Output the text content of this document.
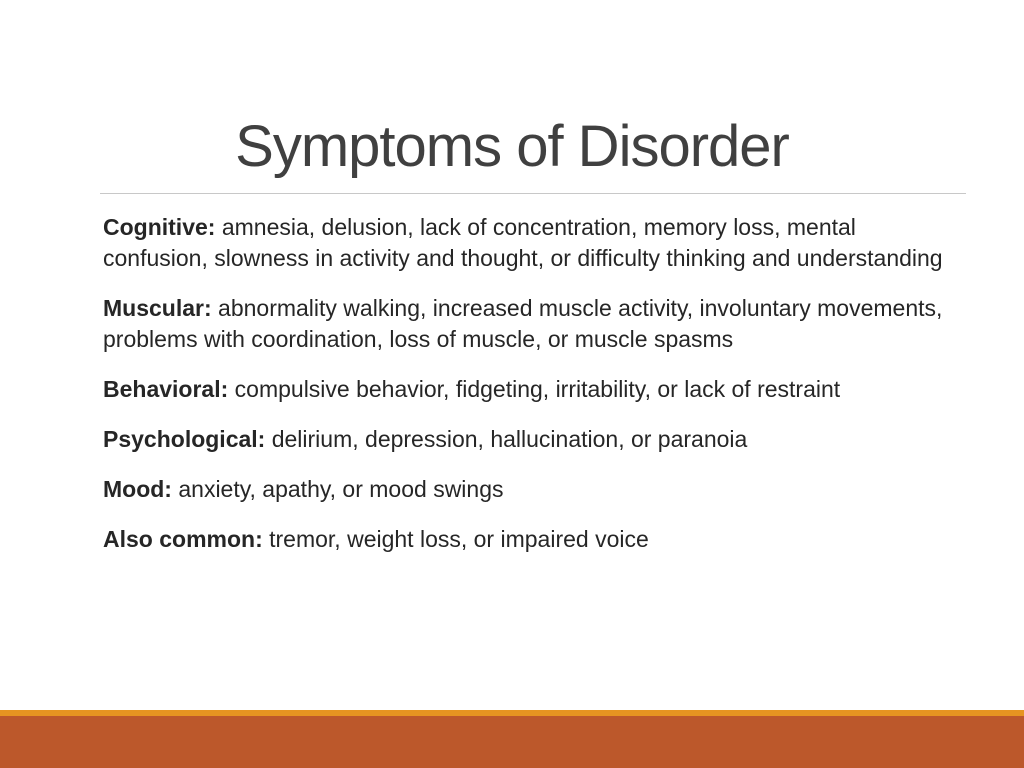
Symptoms of Disorder

Cognitive: amnesia, delusion, lack of concentration, memory loss, mental confusion, slowness in activity and thought, or difficulty thinking and understanding

Muscular: abnormality walking, increased muscle activity, involuntary movements, problems with coordination, loss of muscle, or muscle spasms

Behavioral: compulsive behavior, fidgeting, irritability, or lack of restraint

Psychological: delirium, depression, hallucination, or paranoia

Mood: anxiety, apathy, or mood swings

Also common: tremor, weight loss, or impaired voice
